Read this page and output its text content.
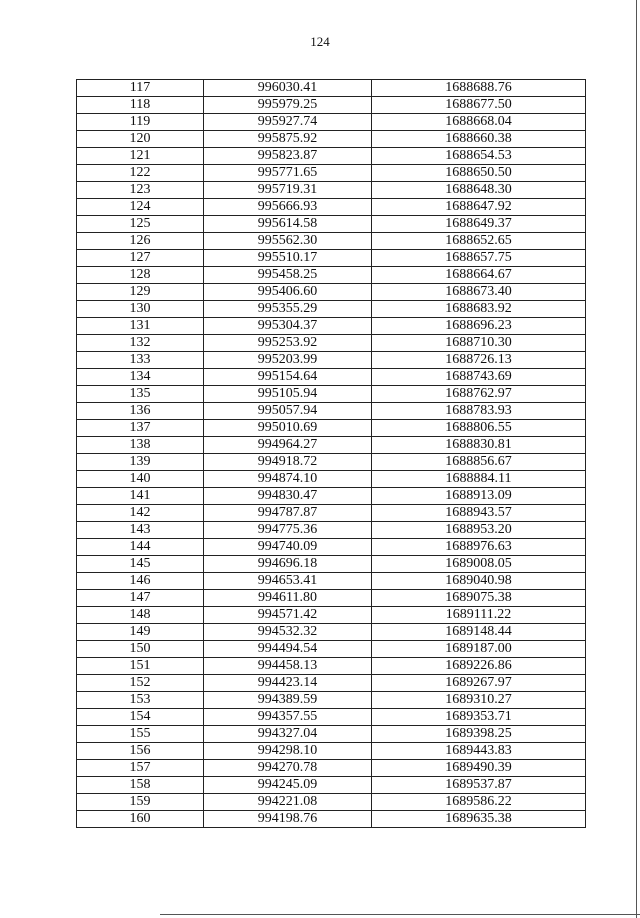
124
117	996030.41	1688688.76
118	995979.25	1688677.50
119	995927.74	1688668.04
120	995875.92	1688660.38
121	995823.87	1688654.53
122	995771.65	1688650.50
123	995719.31	1688648.30
124	995666.93	1688647.92
125	995614.58	1688649.37
126	995562.30	1688652.65
127	995510.17	1688657.75
128	995458.25	1688664.67
129	995406.60	1688673.40
130	995355.29	1688683.92
131	995304.37	1688696.23
132	995253.92	1688710.30
133	995203.99	1688726.13
134	995154.64	1688743.69
135	995105.94	1688762.97
136	995057.94	1688783.93
137	995010.69	1688806.55
138	994964.27	1688830.81
139	994918.72	1688856.67
140	994874.10	1688884.11
141	994830.47	1688913.09
142	994787.87	1688943.57
143	994775.36	1688953.20
144	994740.09	1688976.63
145	994696.18	1689008.05
146	994653.41	1689040.98
147	994611.80	1689075.38
148	994571.42	1689111.22
149	994532.32	1689148.44
150	994494.54	1689187.00
151	994458.13	1689226.86
152	994423.14	1689267.97
153	994389.59	1689310.27
154	994357.55	1689353.71
155	994327.04	1689398.25
156	994298.10	1689443.83
157	994270.78	1689490.39
158	994245.09	1689537.87
159	994221.08	1689586.22
160	994198.76	1689635.38
